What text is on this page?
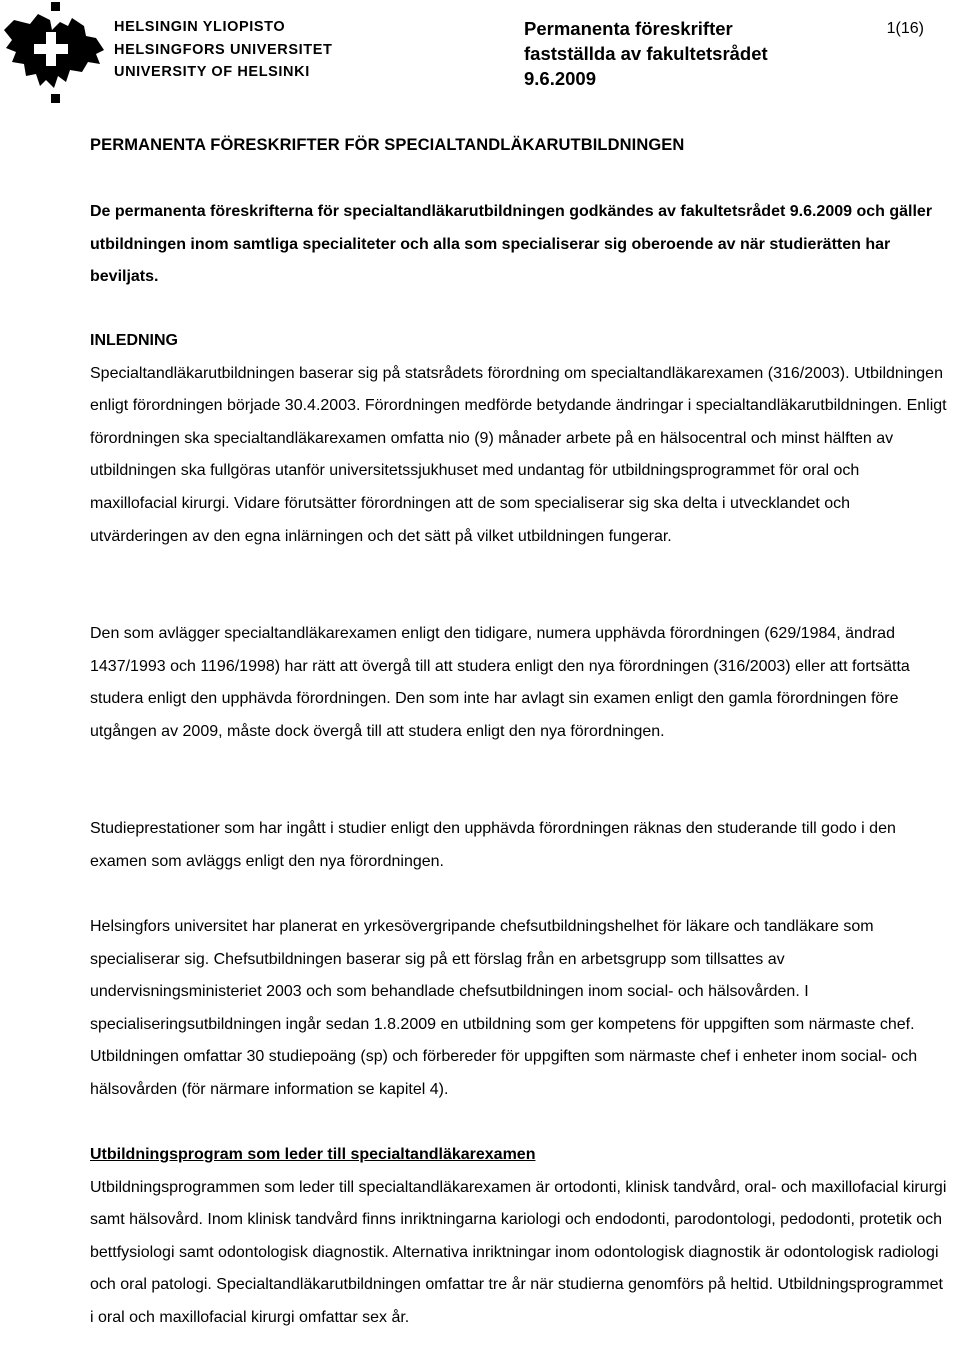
HELSINGIN YLIOPISTO
HELSINGFORS UNIVERSITET
UNIVERSITY OF HELSINKI
Permanenta föreskrifter
fastställda av fakultetsrådet
9.6.2009
1(16)
PERMANENTA FÖRESKRIFTER FÖR SPECIALTANDLÄKARUTBILDNINGEN
De permanenta föreskrifterna för specialtandläkarutbildningen godkändes av fakultetsrådet 9.6.2009 och gäller utbildningen inom samtliga specialiteter och alla som specialiserar sig oberoende av när studierätten har beviljats.
INLEDNING
Specialtandläkarutbildningen baserar sig på statsrådets förordning om specialtandläkarexamen (316/2003). Utbildningen enligt förordningen började 30.4.2003. Förordningen medförde betydande ändringar i specialtandläkarutbildningen. Enligt förordningen ska specialtandläkarexamen omfatta nio (9) månader arbete på en hälsocentral och minst hälften av utbildningen ska fullgöras utanför universitetssjukhuset med undantag för utbildningsprogrammet för oral och maxillofacial kirurgi. Vidare förutsätter förordningen att de som specialiserar sig ska delta i utvecklandet och utvärderingen av den egna inlärningen och det sätt på vilket utbildningen fungerar.
Den som avlägger specialtandläkarexamen enligt den tidigare, numera upphävda förordningen (629/1984, ändrad 1437/1993 och 1196/1998) har rätt att övergå till att studera enligt den nya förordningen (316/2003) eller att fortsätta studera enligt den upphävda förordningen. Den som inte har avlagt sin examen enligt den gamla förordningen före utgången av 2009, måste dock övergå till att studera enligt den nya förordningen.
Studieprestationer som har ingått i studier enligt den upphävda förordningen räknas den studerande till godo i den examen som avläggs enligt den nya förordningen.
Helsingfors universitet har planerat en yrkesövergripande chefsutbildningshelhet för läkare och tandläkare som specialiserar sig. Chefsutbildningen baserar sig på ett förslag från en arbetsgrupp som tillsattes av undervisningsministeriet 2003 och som behandlade chefsutbildningen inom social- och hälsovården. I specialiseringsutbildningen ingår sedan 1.8.2009 en utbildning som ger kompetens för uppgiften som närmaste chef. Utbildningen omfattar 30 studiepoäng (sp) och förbereder för uppgiften som närmaste chef i enheter inom social- och hälsovården (för närmare information se kapitel 4).
Utbildningsprogram som leder till specialtandläkarexamen
Utbildningsprogrammen som leder till specialtandläkarexamen är ortodonti, klinisk tandvård, oral- och maxillofacial kirurgi samt hälsovård. Inom klinisk tandvård finns inriktningarna kariologi och endodonti, parodontologi, pedodonti, protetik och bettfysiologi samt odontologisk diagnostik. Alternativa inriktningar inom odontologisk diagnostik är odontologisk radiologi och oral patologi. Specialtandläkarutbildningen omfattar tre år när studierna genomförs på heltid. Utbildningsprogrammet i oral och maxillofacial kirurgi omfattar sex år.
